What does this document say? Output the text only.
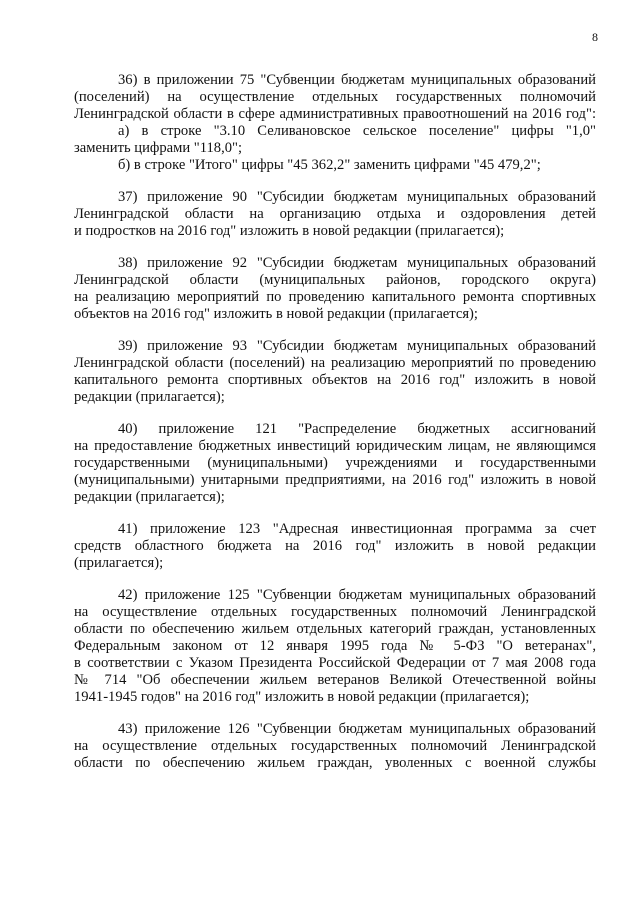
8
36) в приложении 75 "Субвенции бюджетам муниципальных образований
(поселений) на осуществление отдельных государственных полномочий
Ленинградской области в сфере административных правоотношений на 2016 год":
а) в строке "3.10 Селивановское сельское поселение" цифры "1,0"
заменить цифрами "118,0";
б) в строке "Итого" цифры "45 362,2" заменить цифрами "45 479,2";
37) приложение 90 "Субсидии бюджетам муниципальных образований
Ленинградской области на организацию отдыха и оздоровления детей
и подростков на 2016 год" изложить в новой редакции (прилагается);
38) приложение 92 "Субсидии бюджетам муниципальных образований
Ленинградской области (муниципальных районов, городского округа)
на реализацию мероприятий по проведению капитального ремонта спортивных
объектов на 2016 год" изложить в новой редакции (прилагается);
39) приложение 93 "Субсидии бюджетам муниципальных образований
Ленинградской области (поселений) на реализацию мероприятий по проведению
капитального ремонта спортивных объектов на 2016 год" изложить в новой
редакции (прилагается);
40) приложение 121 "Распределение бюджетных ассигнований
на предоставление бюджетных инвестиций юридическим лицам, не являющимся
государственными (муниципальными) учреждениями и государственными
(муниципальными) унитарными предприятиями, на 2016 год" изложить в новой
редакции (прилагается);
41) приложение 123 "Адресная инвестиционная программа за счет
средств областного бюджета на 2016 год" изложить в новой редакции
(прилагается);
42) приложение 125 "Субвенции бюджетам муниципальных образований
на осуществление отдельных государственных полномочий Ленинградской
области по обеспечению жильем отдельных категорий граждан, установленных
Федеральным законом от 12 января 1995 года № 5-ФЗ "О ветеранах",
в соответствии с Указом Президента Российской Федерации от 7 мая 2008 года
№ 714 "Об обеспечении жильем ветеранов Великой Отечественной войны
1941-1945 годов" на 2016 год" изложить в новой редакции (прилагается);
43) приложение 126 "Субвенции бюджетам муниципальных образований
на осуществление отдельных государственных полномочий Ленинградской
области по обеспечению жильем граждан, уволенных с военной службы
